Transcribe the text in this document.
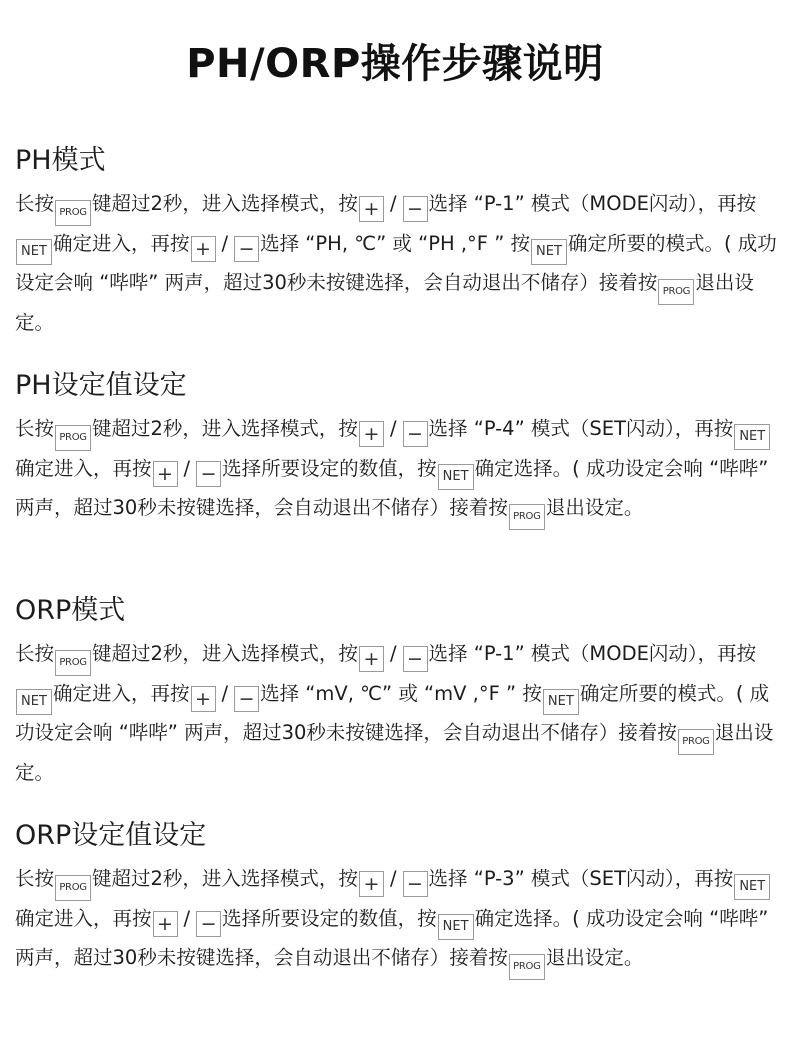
PH/ORP操作步骤说明
PH模式

长按 PROG 键超过2秒，进入选择模式，按 + / − 选择 “P-1” 模式（MODE闪动），再按NET 确定进入，再按 + / − 选择 “PH, ℃” 或 “PH ,°F ” 按 NET 确定所要的模式。( 成功设定会响 “哔哔” 两声，超过30秒未按键选择，会自动退出不储存）接着按 PROG 退出设定。

PH设定值设定

长按 PROG 键超过2秒，进入选择模式，按 + / − 选择 “P-4” 模式（SET闪动），再按 NET确定进入，再按 + / − 选择所要设定的数值，按 NET 确定选择。( 成功设定会响 “哔哔” 两声，超过30秒未按键选择，会自动退出不储存）接着按 PROG 退出设定。

ORP模式

长按 PROG 键超过2秒，进入选择模式，按 + / − 选择 “P-1” 模式（MODE闪动），再按NET 确定进入，再按 + / − 选择 “mV, ℃” 或 “mV ,°F ” 按 NET 确定所要的模式。( 成功设定会响 “哔哔” 两声，超过30秒未按键选择，会自动退出不储存）接着按 PROG 退出设定。

ORP设定值设定

长按 PROG 键超过2秒，进入选择模式，按 + / − 选择 “P-3” 模式（SET闪动），再按 NET确定进入，再按 + / − 选择所要设定的数值，按 NET 确定选择。( 成功设定会响 “哔哔” 两声，超过30秒未按键选择，会自动退出不储存）接着按 PROG 退出设定。
